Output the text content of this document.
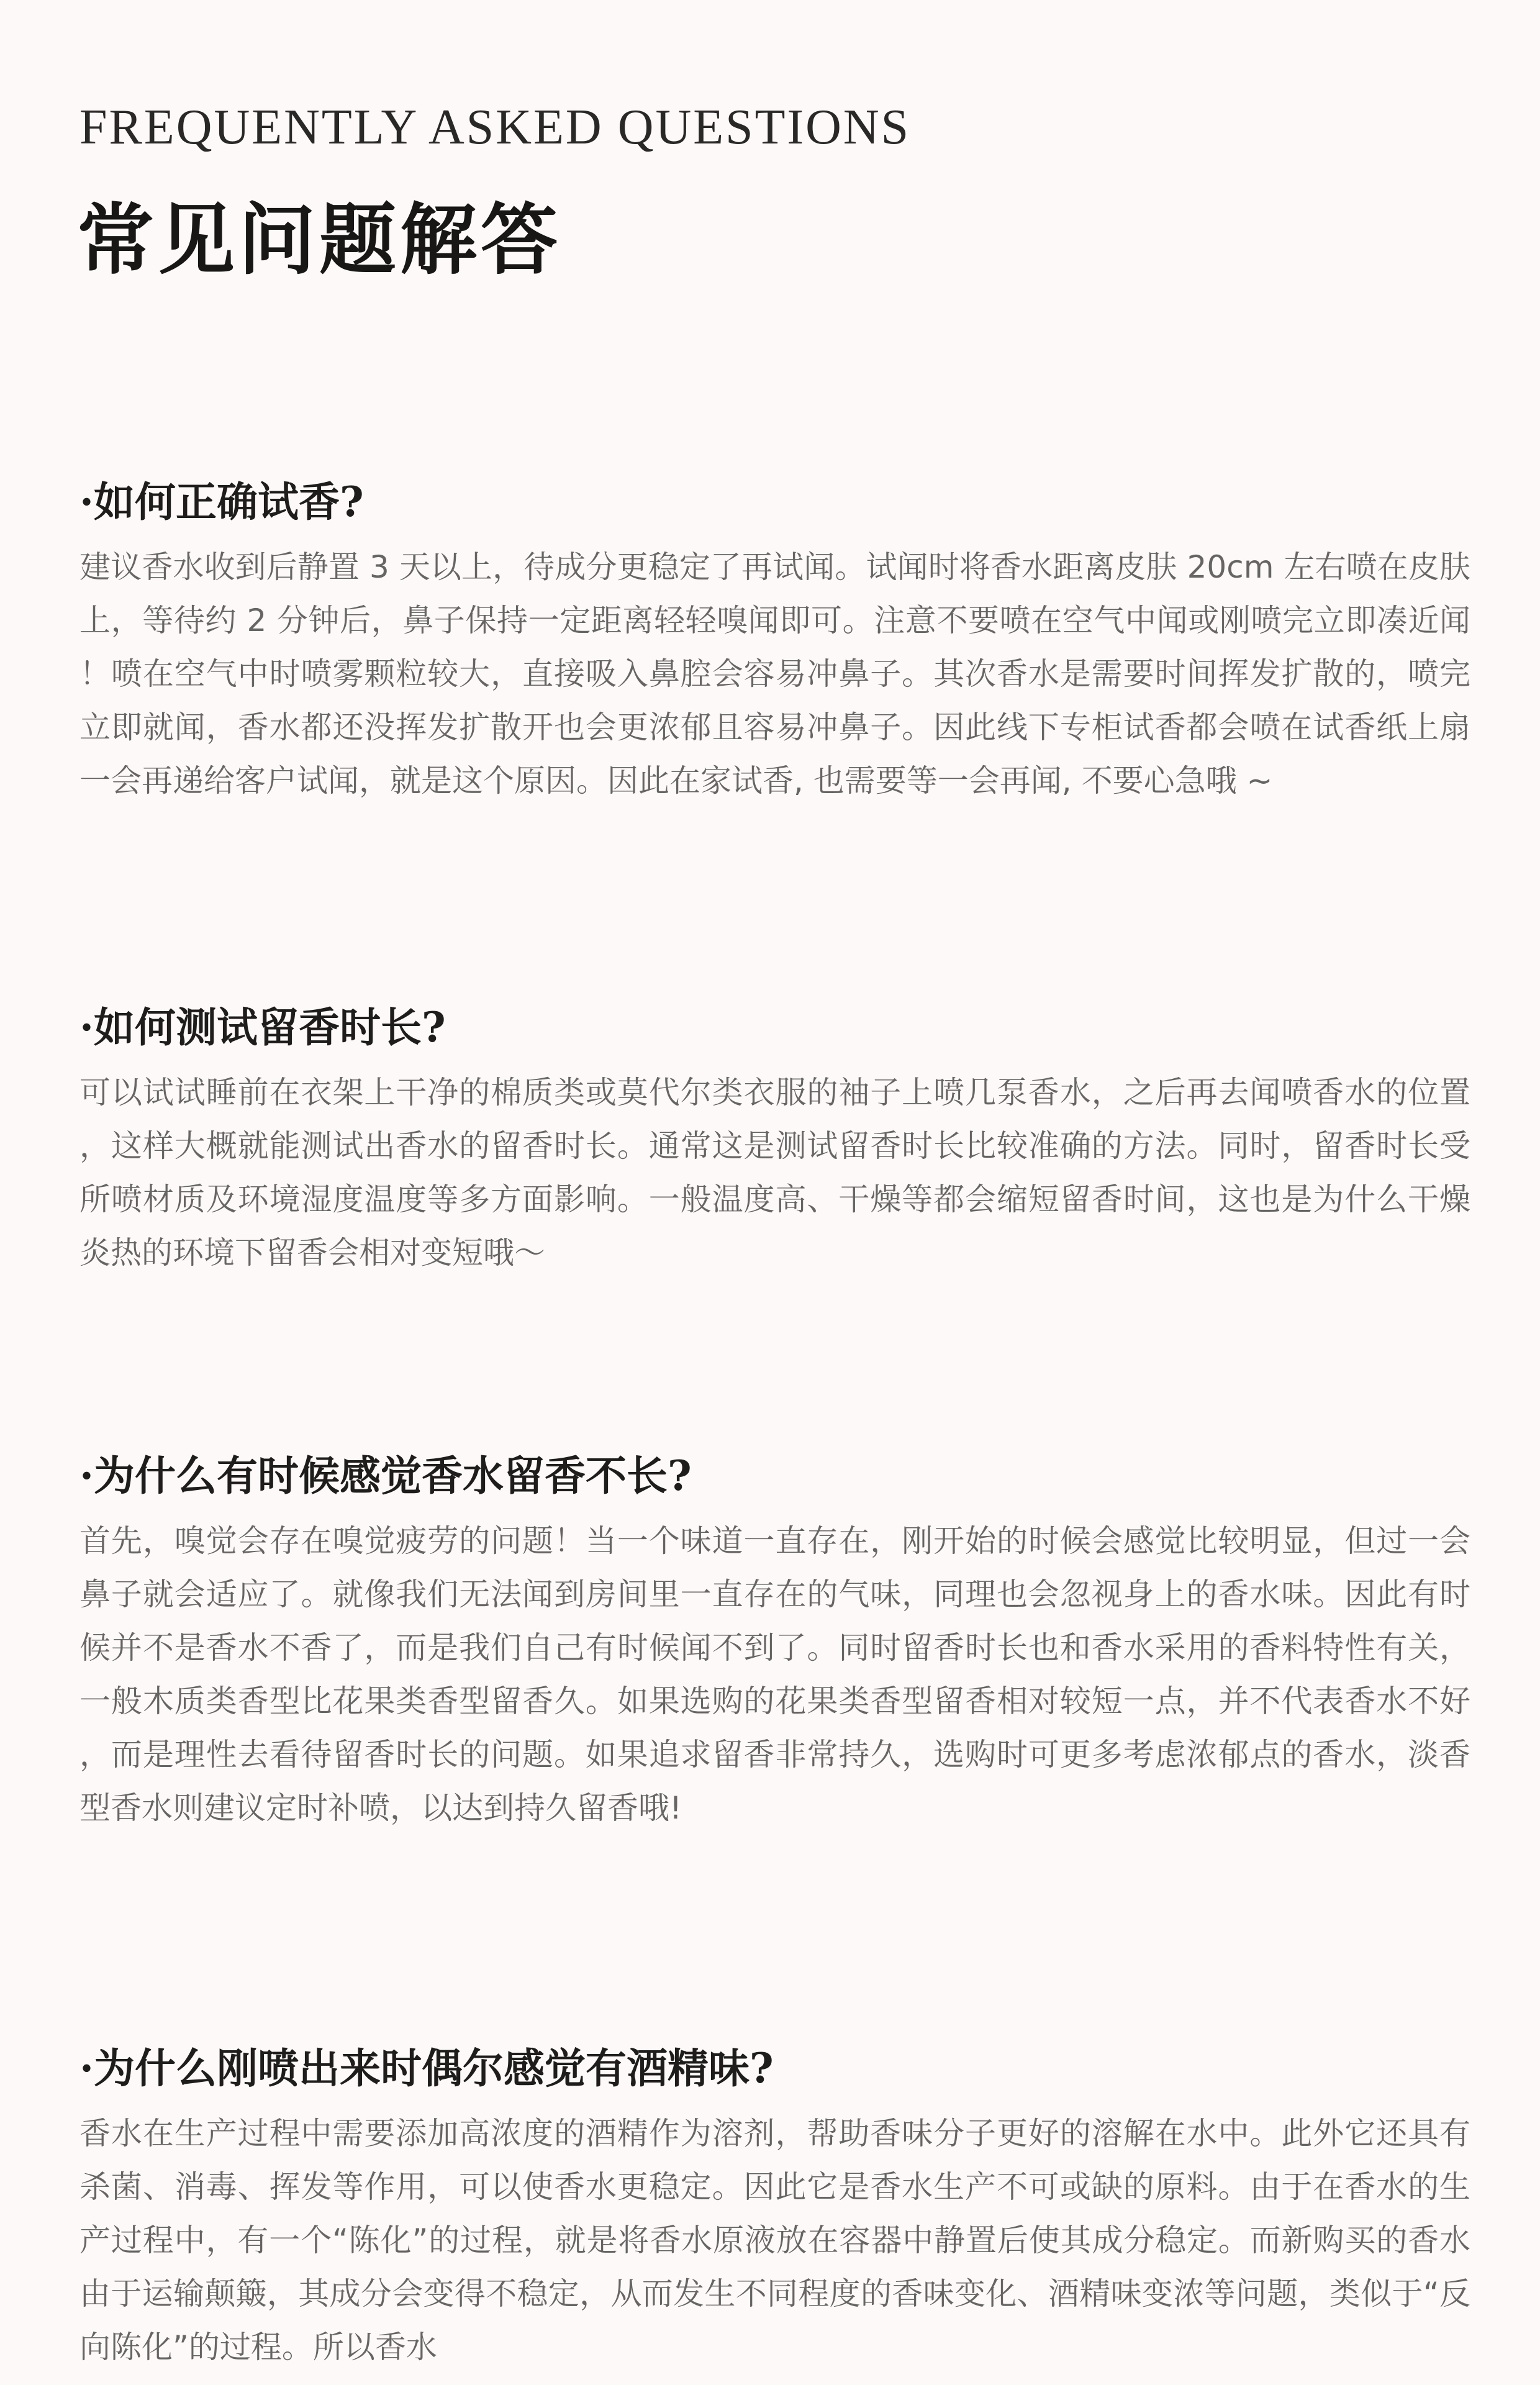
FREQUENTLY ASKED QUESTIONS

常见问题解答
·如何正确试香?

建议香水收到后静置 3 天以上，待成分更稳定了再试闻。试闻时将香水距离皮肤 20cm 左右喷在皮肤上，等待约 2 分钟后，鼻子保持一定距离轻轻嗅闻即可。注意不要喷在空气中闻或刚喷完立即凑近闻！喷在空气中时喷雾颗粒较大，直接吸入鼻腔会容易冲鼻子。其次香水是需要时间挥发扩散的，喷完立即就闻，香水都还没挥发扩散开也会更浓郁且容易冲鼻子。因此线下专柜试香都会喷在试香纸上扇一会再递给客户试闻，就是这个原因。因此在家试香, 也需要等一会再闻, 不要心急哦 ~

·如何测试留香时长?

可以试试睡前在衣架上干净的棉质类或莫代尔类衣服的袖子上喷几泵香水，之后再去闻喷香水的位置，这样大概就能测试出香水的留香时长。通常这是测试留香时长比较准确的方法。同时，留香时长受所喷材质及环境湿度温度等多方面影响。一般温度高、干燥等都会缩短留香时间，这也是为什么干燥炎热的环境下留香会相对变短哦～

·为什么有时候感觉香水留香不长?

首先，嗅觉会存在嗅觉疲劳的问题！当一个味道一直存在，刚开始的时候会感觉比较明显，但过一会鼻子就会适应了。就像我们无法闻到房间里一直存在的气味，同理也会忽视身上的香水味。因此有时候并不是香水不香了，而是我们自己有时候闻不到了。同时留香时长也和香水采用的香料特性有关，一般木质类香型比花果类香型留香久。如果选购的花果类香型留香相对较短一点，并不代表香水不好，而是理性去看待留香时长的问题。如果追求留香非常持久，选购时可更多考虑浓郁点的香水，淡香型香水则建议定时补喷，以达到持久留香哦!

·为什么刚喷出来时偶尔感觉有酒精味?

香水在生产过程中需要添加高浓度的酒精作为溶剂，帮助香味分子更好的溶解在水中。此外它还具有杀菌、消毒、挥发等作用，可以使香水更稳定。因此它是香水生产不可或缺的原料。由于在香水的生产过程中，有一个“陈化”的过程，就是将香水原液放在容器中静置后使其成分稳定。而新购买的香水由于运输颠簸，其成分会变得不稳定，从而发生不同程度的香味变化、酒精味变浓等问题，类似于“反向陈化”的过程。所以香水
